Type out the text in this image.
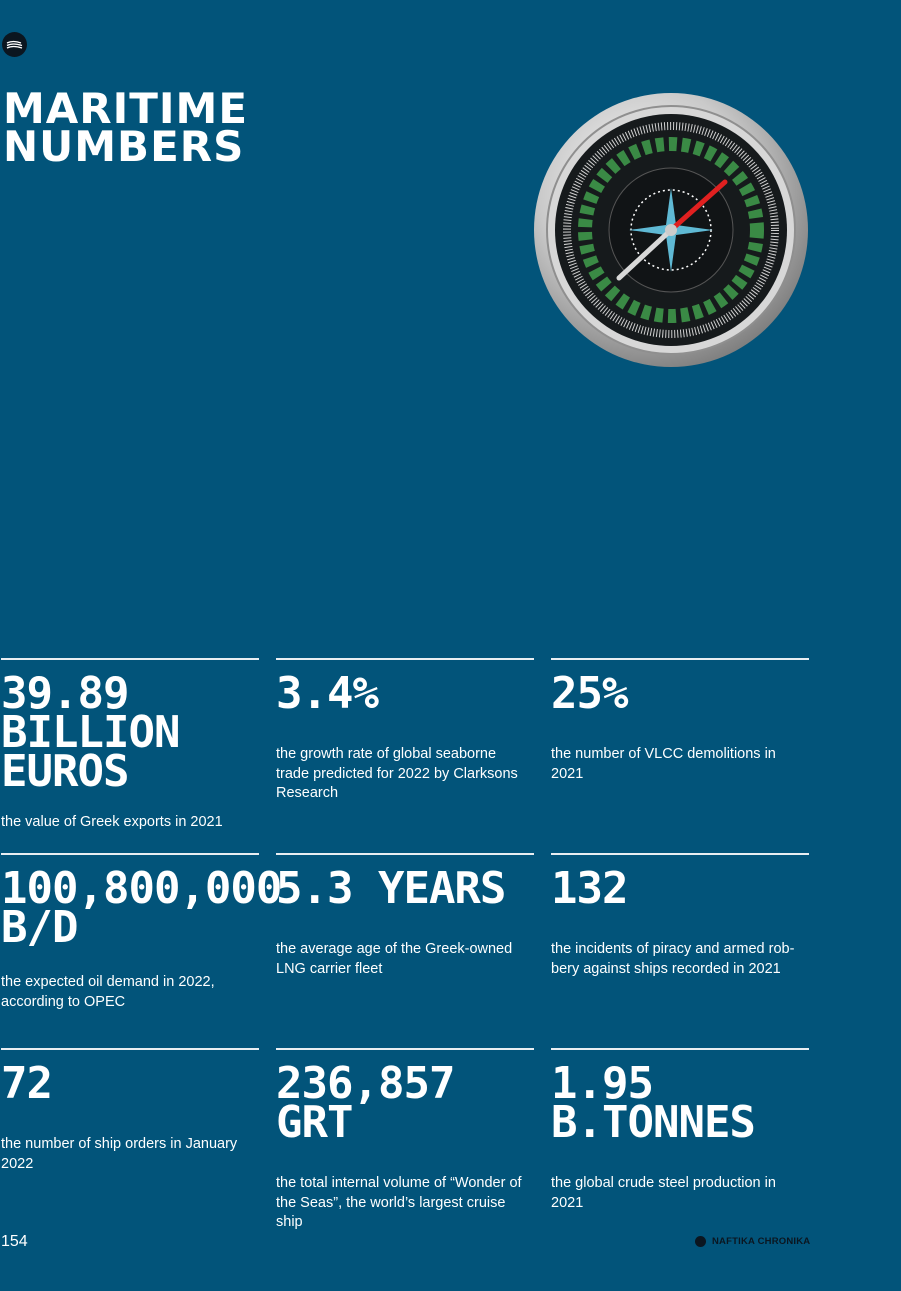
MARITIME
NUMBERS

39.89
BILLION
EUROS

the value of Greek exports in 2021

3.4%

the growth rate of global seaborne trade predicted for 2022 by Clarksons Research

25%

the number of VLCC demolitions in 2021

100,800,000
B/D

the expected oil demand in 2022, according to OPEC

5.3 YEARS

the average age of the Greek-owned LNG carrier fleet

132

the incidents of piracy and armed rob-bery against ships recorded in 2021

72

the number of ship orders in January 2022

236,857
GRT

the total internal volume of “Wonder of the Seas”, the world’s largest cruise ship

1.95
B.TONNES

the global crude steel production in 2021

154	NAFTIKA CHRONIKA
